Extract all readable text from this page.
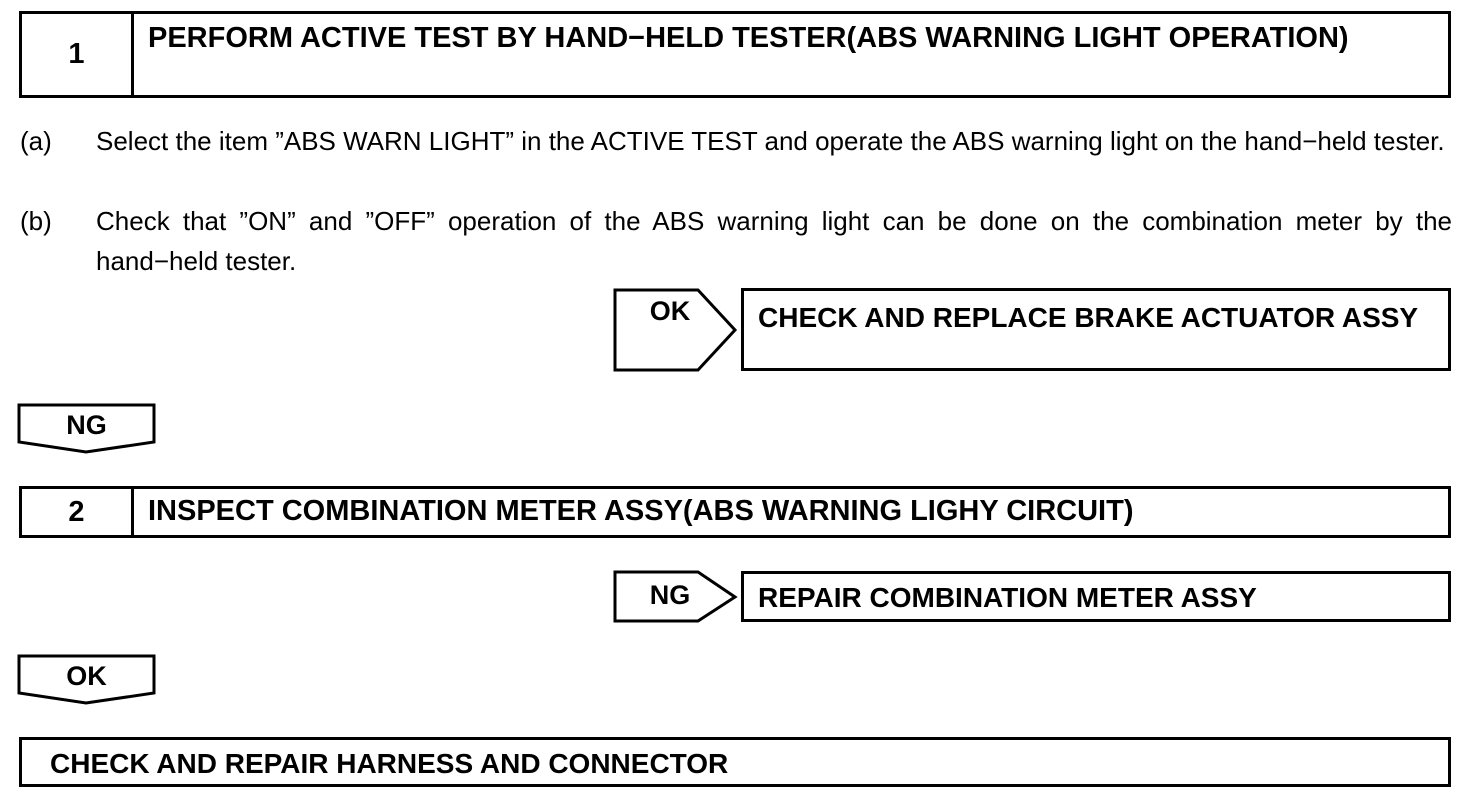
1	PERFORM ACTIVE TEST BY HAND−HELD TESTER(ABS WARNING LIGHT OPERATION)
(a) Select the item ”ABS WARN LIGHT” in the ACTIVE TEST and operate the ABS warning light on the hand−held tester.
(b) Check that ”ON” and ”OFF” operation of the ABS warning light can be done on the combination meter by the hand−held tester.
OK	CHECK AND REPLACE BRAKE ACTUATOR ASSY
NG
2	INSPECT COMBINATION METER ASSY(ABS WARNING LIGHY CIRCUIT)
NG	REPAIR COMBINATION METER ASSY
OK
CHECK AND REPAIR HARNESS AND CONNECTOR
